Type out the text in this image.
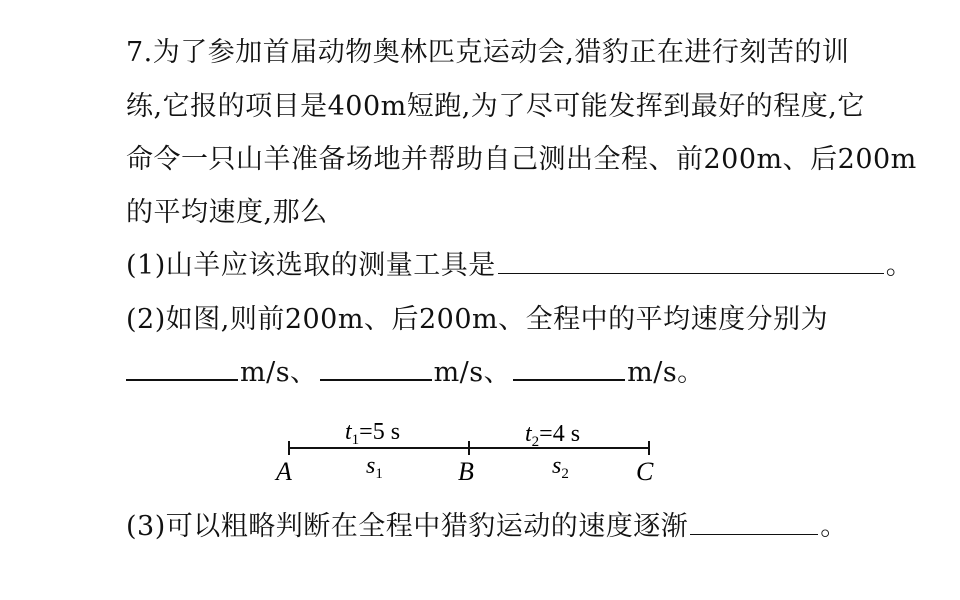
7.为了参加首届动物奥林匹克运动会,猎豹正在进行刻苦的训
练,它报的项目是400m短跑,为了尽可能发挥到最好的程度,它
命令一只山羊准备场地并帮助自己测出全程、前200m、后200m
的平均速度,那么
(1)山羊应该选取的测量工具是	。
(2)如图,则前200m、后200m、全程中的平均速度分别为
m/s、	m/s、	m/s。
$t_1=5$ s	$t_2=4$ s
A	B	C
$s_1$	$s_2$
(3)可以粗略判断在全程中猎豹运动的速度逐渐	。
